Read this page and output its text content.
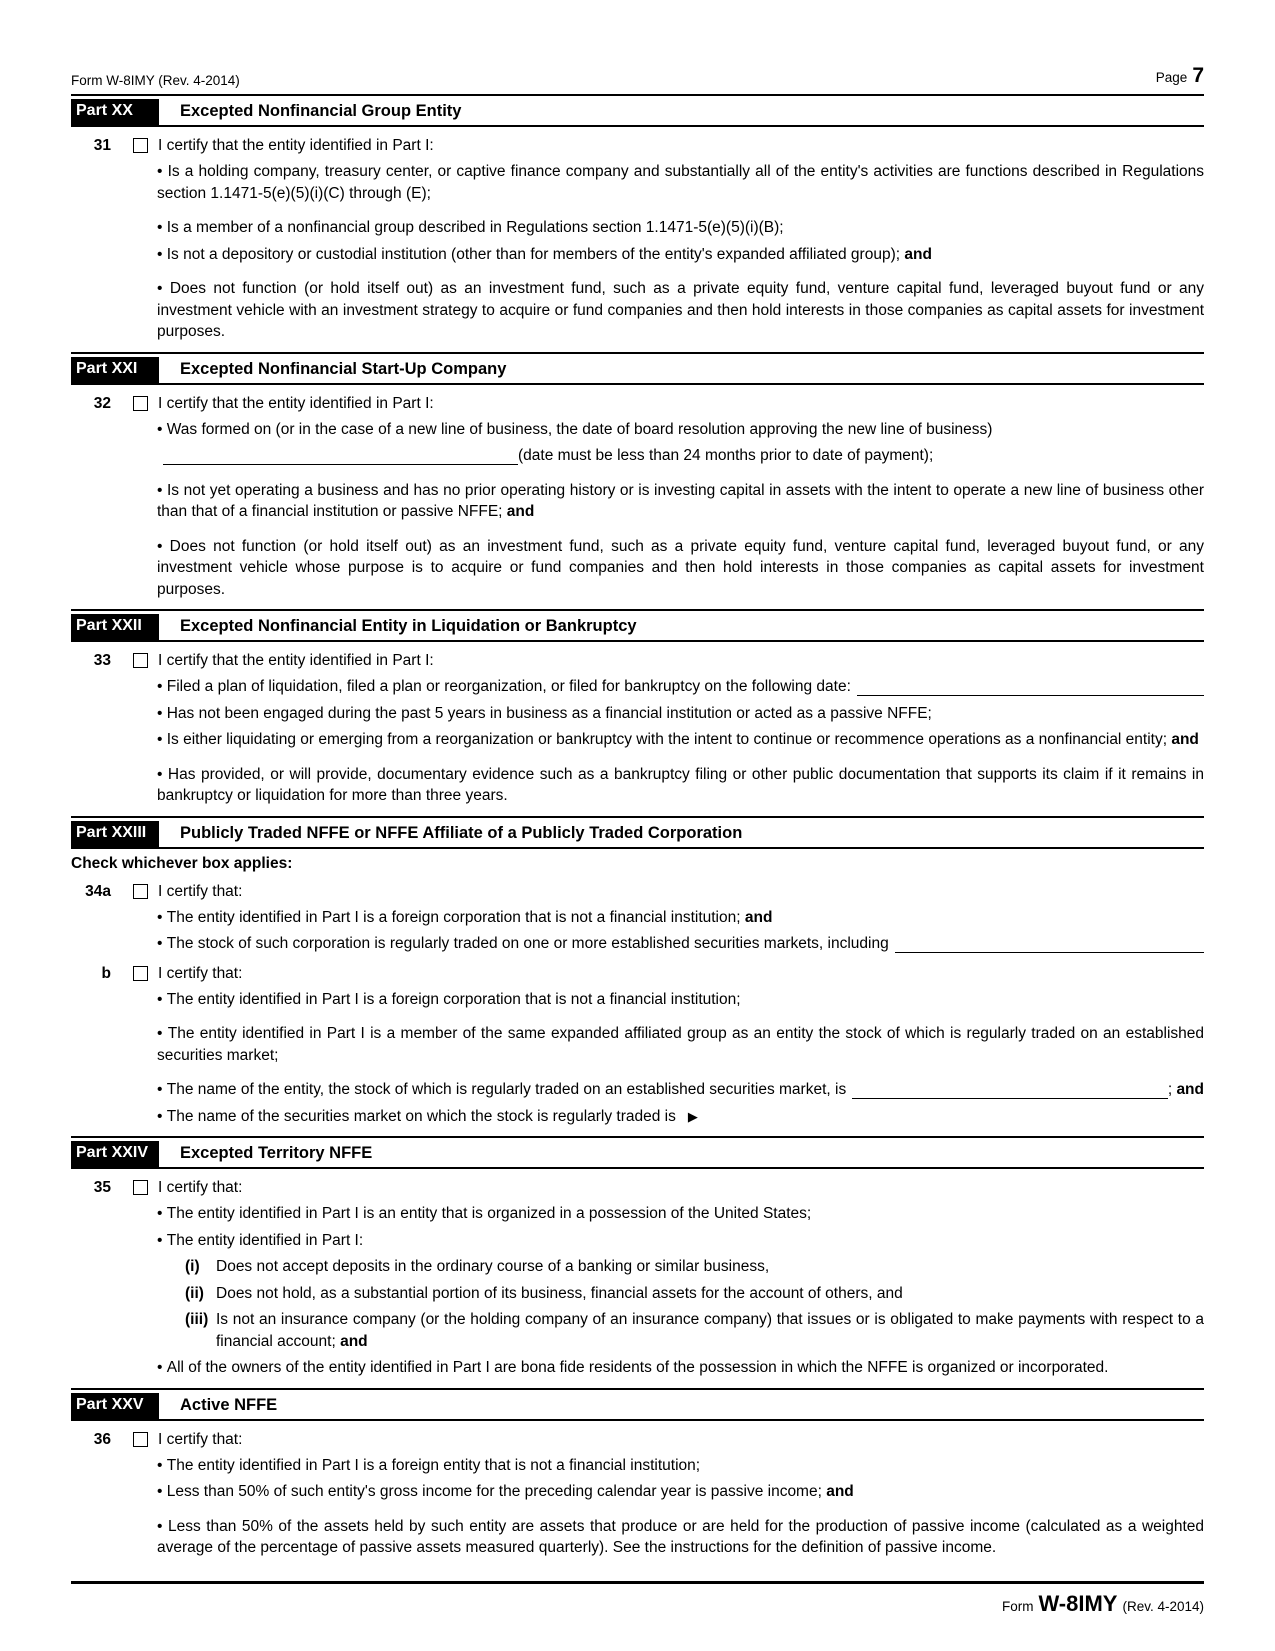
Form W-8IMY (Rev. 4-2014)	Page 7
Part XX	Excepted Nonfinancial Group Entity
31	I certify that the entity identified in Part I:
• Is a holding company, treasury center, or captive finance company and substantially all of the entity's activities are functions described in Regulations section 1.1471-5(e)(5)(i)(C) through (E);
• Is a member of a nonfinancial group described in Regulations section 1.1471-5(e)(5)(i)(B);
• Is not a depository or custodial institution (other than for members of the entity's expanded affiliated group); and
• Does not function (or hold itself out) as an investment fund, such as a private equity fund, venture capital fund, leveraged buyout fund or any investment vehicle with an investment strategy to acquire or fund companies and then hold interests in those companies as capital assets for investment purposes.
Part XXI	Excepted Nonfinancial Start-Up Company
32	I certify that the entity identified in Part I:
• Was formed on (or in the case of a new line of business, the date of board resolution approving the new line of business)
(date must be less than 24 months prior to date of payment);
• Is not yet operating a business and has no prior operating history or is investing capital in assets with the intent to operate a new line of business other than that of a financial institution or passive NFFE; and
• Does not function (or hold itself out) as an investment fund, such as a private equity fund, venture capital fund, leveraged buyout fund, or any investment vehicle whose purpose is to acquire or fund companies and then hold interests in those companies as capital assets for investment purposes.
Part XXII	Excepted Nonfinancial Entity in Liquidation or Bankruptcy
33	I certify that the entity identified in Part I:
• Filed a plan of liquidation, filed a plan or reorganization, or filed for bankruptcy on the following date:
• Has not been engaged during the past 5 years in business as a financial institution or acted as a passive NFFE;
• Is either liquidating or emerging from a reorganization or bankruptcy with the intent to continue or recommence operations as a nonfinancial entity; and
• Has provided, or will provide, documentary evidence such as a bankruptcy filing or other public documentation that supports its claim if it remains in bankruptcy or liquidation for more than three years.
Part XXIII	Publicly Traded NFFE or NFFE Affiliate of a Publicly Traded Corporation
Check whichever box applies:
34a	I certify that:
• The entity identified in Part I is a foreign corporation that is not a financial institution; and
• The stock of such corporation is regularly traded on one or more established securities markets, including
b	I certify that:
• The entity identified in Part I is a foreign corporation that is not a financial institution;
• The entity identified in Part I is a member of the same expanded affiliated group as an entity the stock of which is regularly traded on an established securities market;
• The name of the entity, the stock of which is regularly traded on an established securities market, is	; and
• The name of the securities market on which the stock is regularly traded is ▶
Part XXIV	Excepted Territory NFFE
35	I certify that:
• The entity identified in Part I is an entity that is organized in a possession of the United States;
• The entity identified in Part I:
(i)	Does not accept deposits in the ordinary course of a banking or similar business,
(ii) Does not hold, as a substantial portion of its business, financial assets for the account of others, and
(iii) Is not an insurance company (or the holding company of an insurance company) that issues or is obligated to make payments with respect to a financial account; and
• All of the owners of the entity identified in Part I are bona fide residents of the possession in which the NFFE is organized or incorporated.
Part XXV	Active NFFE
36	I certify that:
• The entity identified in Part I is a foreign entity that is not a financial institution;
• Less than 50% of such entity's gross income for the preceding calendar year is passive income; and
• Less than 50% of the assets held by such entity are assets that produce or are held for the production of passive income (calculated as a weighted average of the percentage of passive assets measured quarterly). See the instructions for the definition of passive income.
Form W-8IMY (Rev. 4-2014)
